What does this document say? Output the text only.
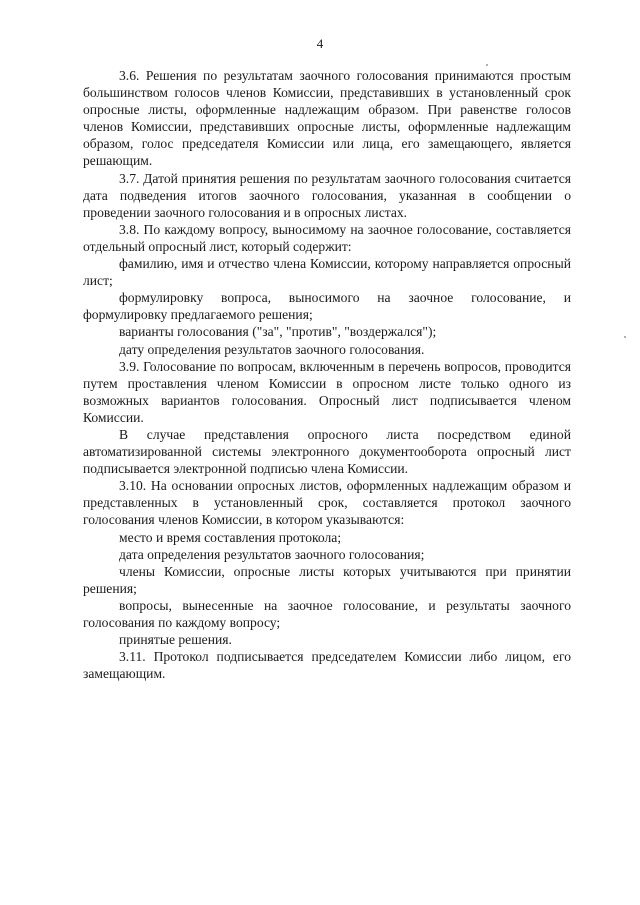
4

3.6. Решения по результатам заочного голосования принимаются простым большинством голосов членов Комиссии, представивших в установленный срок опросные листы, оформленные надлежащим образом. При равенстве голосов членов Комиссии, представивших опросные листы, оформленные надлежащим образом, голос председателя Комиссии или лица, его замещающего, является решающим.

3.7. Датой принятия решения по результатам заочного голосования считается дата подведения итогов заочного голосования, указанная в сообщении о проведении заочного голосования и в опросных листах.

3.8. По каждому вопросу, выносимому на заочное голосование, составляется отдельный опросный лист, который содержит:

фамилию, имя и отчество члена Комиссии, которому направляется опросный лист;

формулировку вопроса, выносимого на заочное голосование, и формулировку предлагаемого решения;

варианты голосования ("за", "против", "воздержался");

дату определения результатов заочного голосования.

3.9. Голосование по вопросам, включенным в перечень вопросов, проводится путем проставления членом Комиссии в опросном листе только одного из возможных вариантов голосования. Опросный лист подписывается членом Комиссии.

В случае представления опросного листа посредством единой автоматизированной системы электронного документооборота опросный лист подписывается электронной подписью члена Комиссии.

3.10. На основании опросных листов, оформленных надлежащим образом и представленных в установленный срок, составляется протокол заочного голосования членов Комиссии, в котором указываются:

место и время составления протокола;

дата определения результатов заочного голосования;

члены Комиссии, опросные листы которых учитываются при принятии решения;

вопросы, вынесенные на заочное голосование, и результаты заочного голосования по каждому вопросу;

принятые решения.

3.11. Протокол подписывается председателем Комиссии либо лицом, его замещающим.
